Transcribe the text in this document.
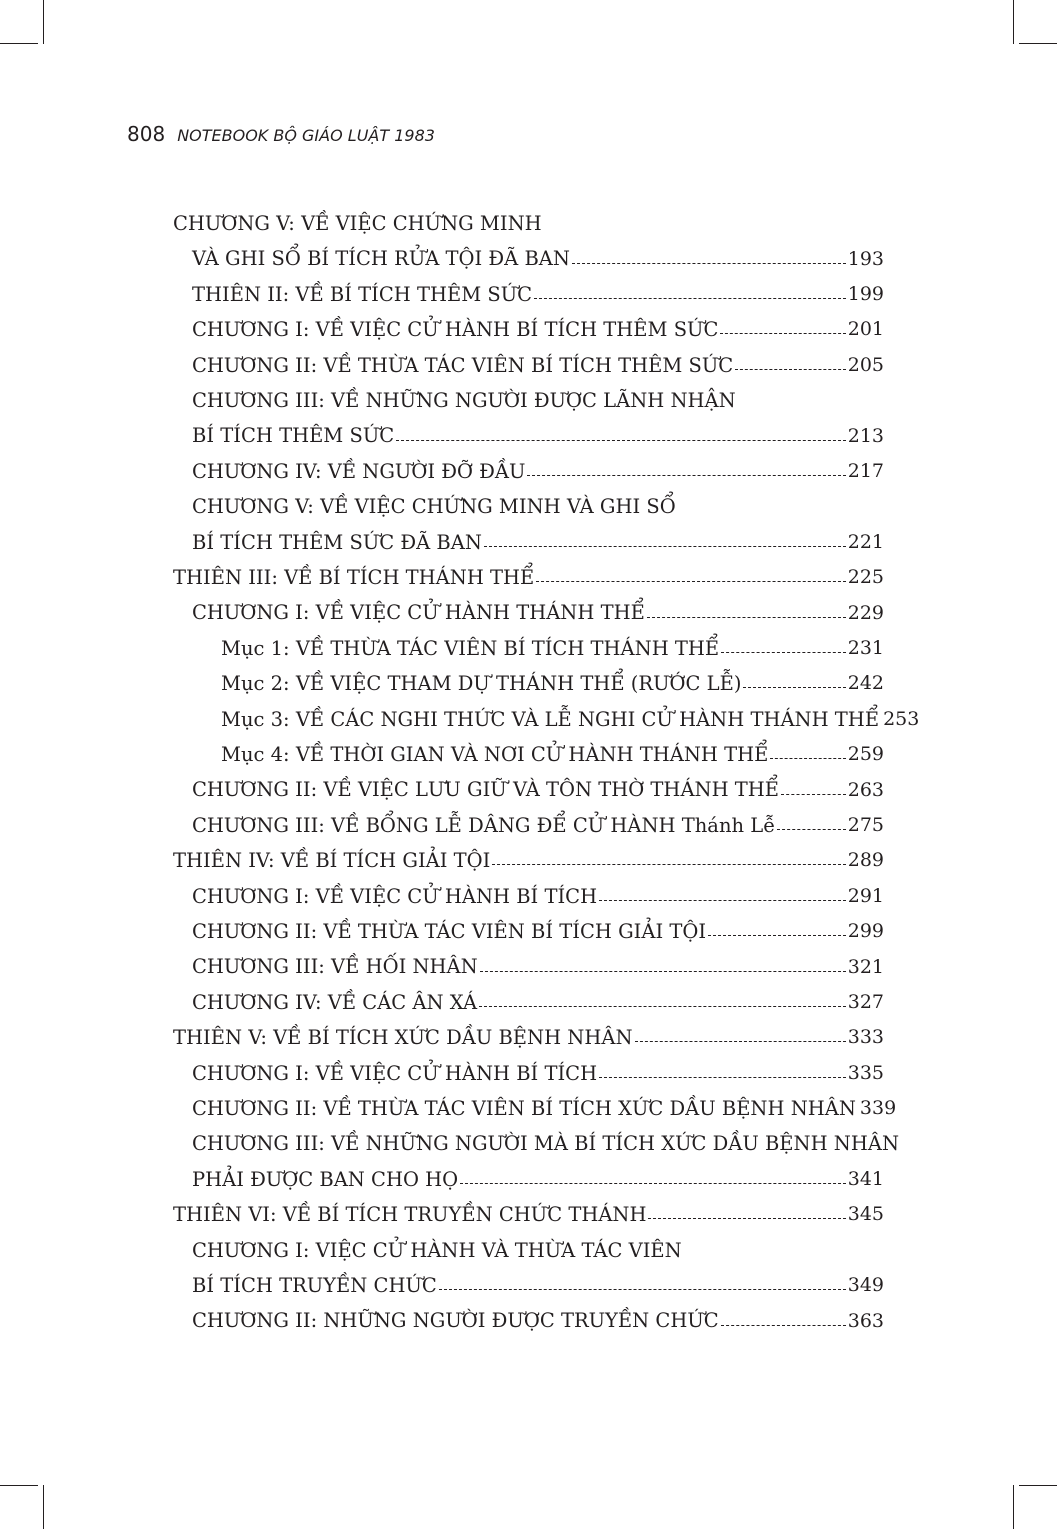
808 NOTEBOOK BỘ GIÁO LUẬT 1983
CHƯƠNG V: VỀ VIỆC CHỨNG MINH
VÀ GHI SỔ BÍ TÍCH RỬA TỘI ĐÃ BAN	193
THIÊN II: VỀ BÍ TÍCH THÊM SỨC	199
CHƯƠNG I: VỀ VIỆC CỬ HÀNH BÍ TÍCH THÊM SỨC	201
CHƯƠNG II: VỀ THỪA TÁC VIÊN BÍ TÍCH THÊM SỨC	205
CHƯƠNG III: VỀ NHỮNG NGƯỜI ĐƯỢC LÃNH NHẬN
BÍ TÍCH THÊM SỨC	213
CHƯƠNG IV: VỀ NGƯỜI ĐỠ ĐẦU	217
CHƯƠNG V: VỀ VIỆC CHỨNG MINH VÀ GHI SỔ
BÍ TÍCH THÊM SỨC ĐÃ BAN	221
THIÊN III: VỀ BÍ TÍCH THÁNH THỂ	225
CHƯƠNG I: VỀ VIỆC CỬ HÀNH THÁNH THỂ	229
Mục 1: VỀ THỪA TÁC VIÊN BÍ TÍCH THÁNH THỂ	231
Mục 2: VỀ VIỆC THAM DỰ THÁNH THỂ (RƯỚC LỄ)	242
Mục 3: VỀ CÁC NGHI THỨC VÀ LỄ NGHI CỬ HÀNH THÁNH THỂ 253
Mục 4: VỀ THỜI GIAN VÀ NƠI CỬ HÀNH THÁNH THỂ	259
CHƯƠNG II: VỀ VIỆC LƯU GIỮ VÀ TÔN THỜ THÁNH THỂ	263
CHƯƠNG III: VỀ BỔNG LỄ DÂNG ĐỂ CỬ HÀNH Thánh Lễ	275
THIÊN IV: VỀ BÍ TÍCH GIẢI TỘI	289
CHƯƠNG I: VỀ VIỆC CỬ HÀNH BÍ TÍCH	291
CHƯƠNG II: VỀ THỪA TÁC VIÊN BÍ TÍCH GIẢI TỘI	299
CHƯƠNG III: VỀ HỐI NHÂN	321
CHƯƠNG IV: VỀ CÁC ÂN XÁ	327
THIÊN V: VỀ BÍ TÍCH XỨC DẦU BỆNH NHÂN	333
CHƯƠNG I: VỀ VIỆC CỬ HÀNH BÍ TÍCH	335
CHƯƠNG II: VỀ THỪA TÁC VIÊN BÍ TÍCH XỨC DẦU BỆNH NHÂN 339
CHƯƠNG III: VỀ NHỮNG NGƯỜI MÀ BÍ TÍCH XỨC DẦU BỆNH NHÂN
PHẢI ĐƯỢC BAN CHO HỌ	341
THIÊN VI: VỀ BÍ TÍCH TRUYỀN CHỨC THÁNH	345
CHƯƠNG I: VIỆC CỬ HÀNH VÀ THỪA TÁC VIÊN
BÍ TÍCH TRUYỀN CHỨC	349
CHƯƠNG II: NHỮNG NGƯỜI ĐƯỢC TRUYỀN CHỨC	363
